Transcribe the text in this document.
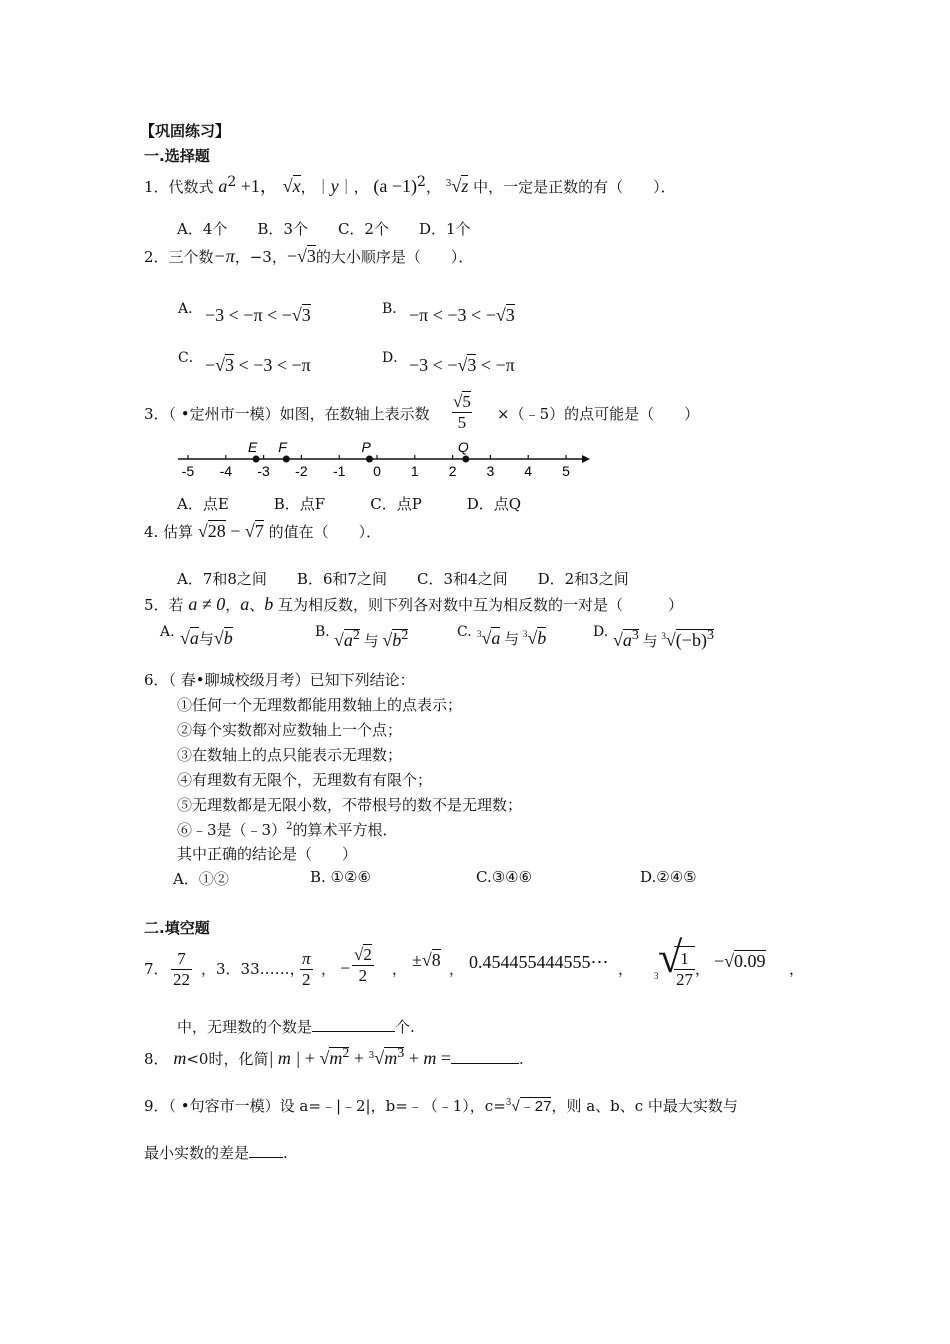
【巩固练习】
一.选择题
1．代数式 $a^2 +1$， √x，｜y｜， $(a -1)^2$， $^3$√z 中，一定是正数的有（　　）．
A．4个　　B．3个　　C．2个　　D．1个
2．三个数−π，−3，−√3的大小顺序是（　　）．
A． −3 < −π < −√3	B． −π < −3 < −√3
C． −√3 < −3 < −π	D． −3 < −√3 < −π
3．（ •定州市一模）如图，在数轴上表示数
√5
5	×（﹣5）的点可能是（　　）
-5 -4 -3 -2 -1 0 1 2 3 4 5
E F	P	Q
A．点E　　　B．点F　　　C．点P　　　D．点Q
4. 估算 √28 − √7 的值在（　　）．
A．7和8之间　　B．6和7之间　　C．3和4之间　　D．2和3之间
5．若 a ≠ 0，a、b 互为相反数，则下列各对数中互为相反数的一对是（　　　）
A. √a与√b	B. $√a^2$ 与 $√b^2$	C. $^3$√a 与 $^3$√b	D. $√a^3$ 与 $^3√(-b)^3$
6．（ 春•聊城校级月考）已知下列结论：
①任何一个无理数都能用数轴上的点表示；
②每个实数都对应数轴上一个点；
③在数轴上的点只能表示无理数；
④有理数有无限个，无理数有有限个；
⑤无理数都是无限小数，不带根号的数不是无理数；
⑥﹣3是（﹣3）$^2$的算术平方根．
其中正确的结论是（　　）
A．①②	B. ①②⑥	C.③④⑥	D.②④⑤
二.填空题
7． $\frac{7}{22}$ ，3．33……，
$\frac{\pi}{2}$ ， − $\frac{√2}{2}$ ， ±√8 ， 0.454455444555⋯ ， 3 √
$\frac{1}{27}$ ， −√0.09 ，
中，无理数的个数是	个.
8． m<0时，化简| m | + $√m^2 + ^3√m^3 + m$ =	.
9．（ •句容市一模）设 a=﹣|﹣2|，b=﹣（﹣1），c=$^3$√﹣27，则 a、b、c 中最大实数与
最小实数的差是 .
